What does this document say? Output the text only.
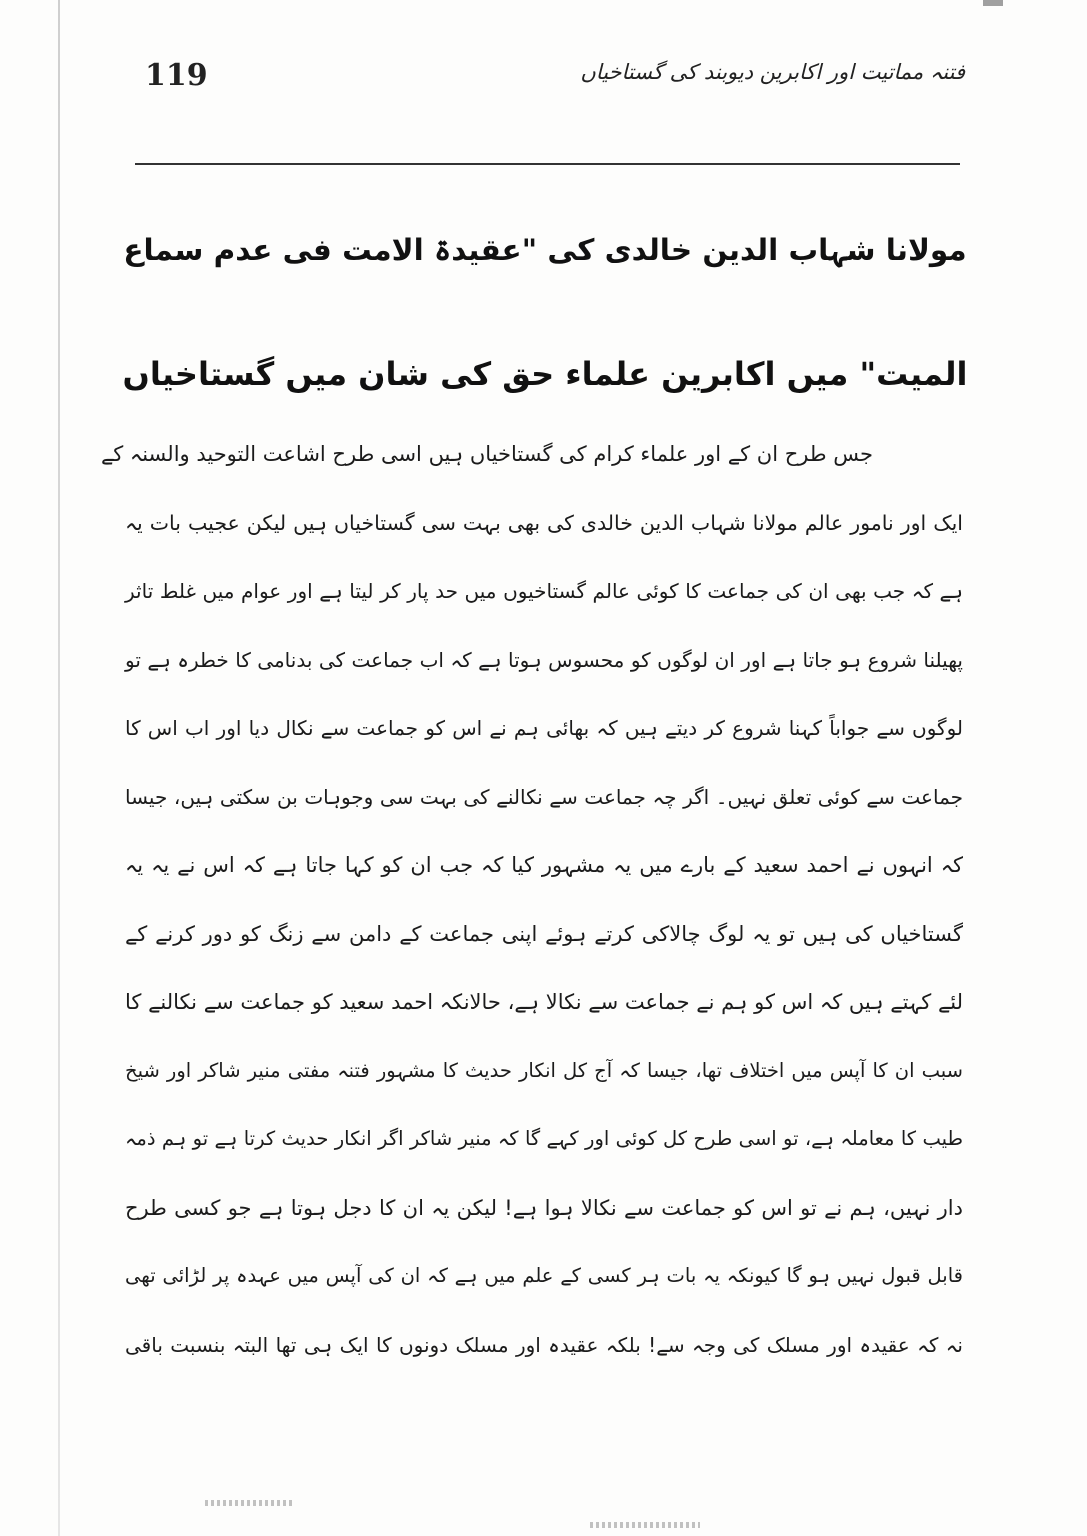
119	فتنہ مماتیت اور اکابرین دیوبند کی گستاخیاں
مولانا شہاب الدین خالدی کی "عقیدۃ الامت فی عدم سماع
المیت" میں اکابرین علماء حق کی شان میں گستاخیاں
جس طرح ان کے اور علماء کرام کی گستاخیاں ہیں اسی طرح اشاعت التوحید والسنہ کے
ایک اور نامور عالم مولانا شہاب الدین خالدی کی بھی بہت سی گستاخیاں ہیں لیکن عجیب بات یہ
ہے کہ جب بھی ان کی جماعت کا کوئی عالم گستاخیوں میں حد پار کر لیتا ہے اور عوام میں غلط تاثر
پھیلنا شروع ہو جاتا ہے اور ان لوگوں کو محسوس ہوتا ہے کہ اب جماعت کی بدنامی کا خطرہ ہے تو
لوگوں سے جواباً کہنا شروع کر دیتے ہیں کہ بھائی ہم نے اس کو جماعت سے نکال دیا اور اب اس کا
جماعت سے کوئی تعلق نہیں۔ اگر چہ جماعت سے نکالنے کی بہت سی وجوہات بن سکتی ہیں، جیسا
کہ انہوں نے احمد سعید کے بارے میں یہ مشہور کیا کہ جب ان کو کہا جاتا ہے کہ اس نے یہ یہ
گستاخیاں کی ہیں تو یہ لوگ چالاکی کرتے ہوئے اپنی جماعت کے دامن سے زنگ کو دور کرنے کے
لئے کہتے ہیں کہ اس کو ہم نے جماعت سے نکالا ہے، حالانکہ احمد سعید کو جماعت سے نکالنے کا
سبب ان کا آپس میں اختلاف تھا، جیسا کہ آج کل انکار حدیث کا مشہور فتنہ مفتی منیر شاکر اور شیخ
طیب کا معاملہ ہے، تو اسی طرح کل کوئی اور کہے گا کہ منیر شاکر اگر انکار حدیث کرتا ہے تو ہم ذمہ
دار نہیں، ہم نے تو اس کو جماعت سے نکالا ہوا ہے! لیکن یہ ان کا دجل ہوتا ہے جو کسی طرح
قابل قبول نہیں ہو گا کیونکہ یہ بات ہر کسی کے علم میں ہے کہ ان کی آپس میں عہدہ پر لڑائی تھی
نہ کہ عقیدہ اور مسلک کی وجہ سے! بلکہ عقیدہ اور مسلک دونوں کا ایک ہی تھا البتہ بنسبت باقی
